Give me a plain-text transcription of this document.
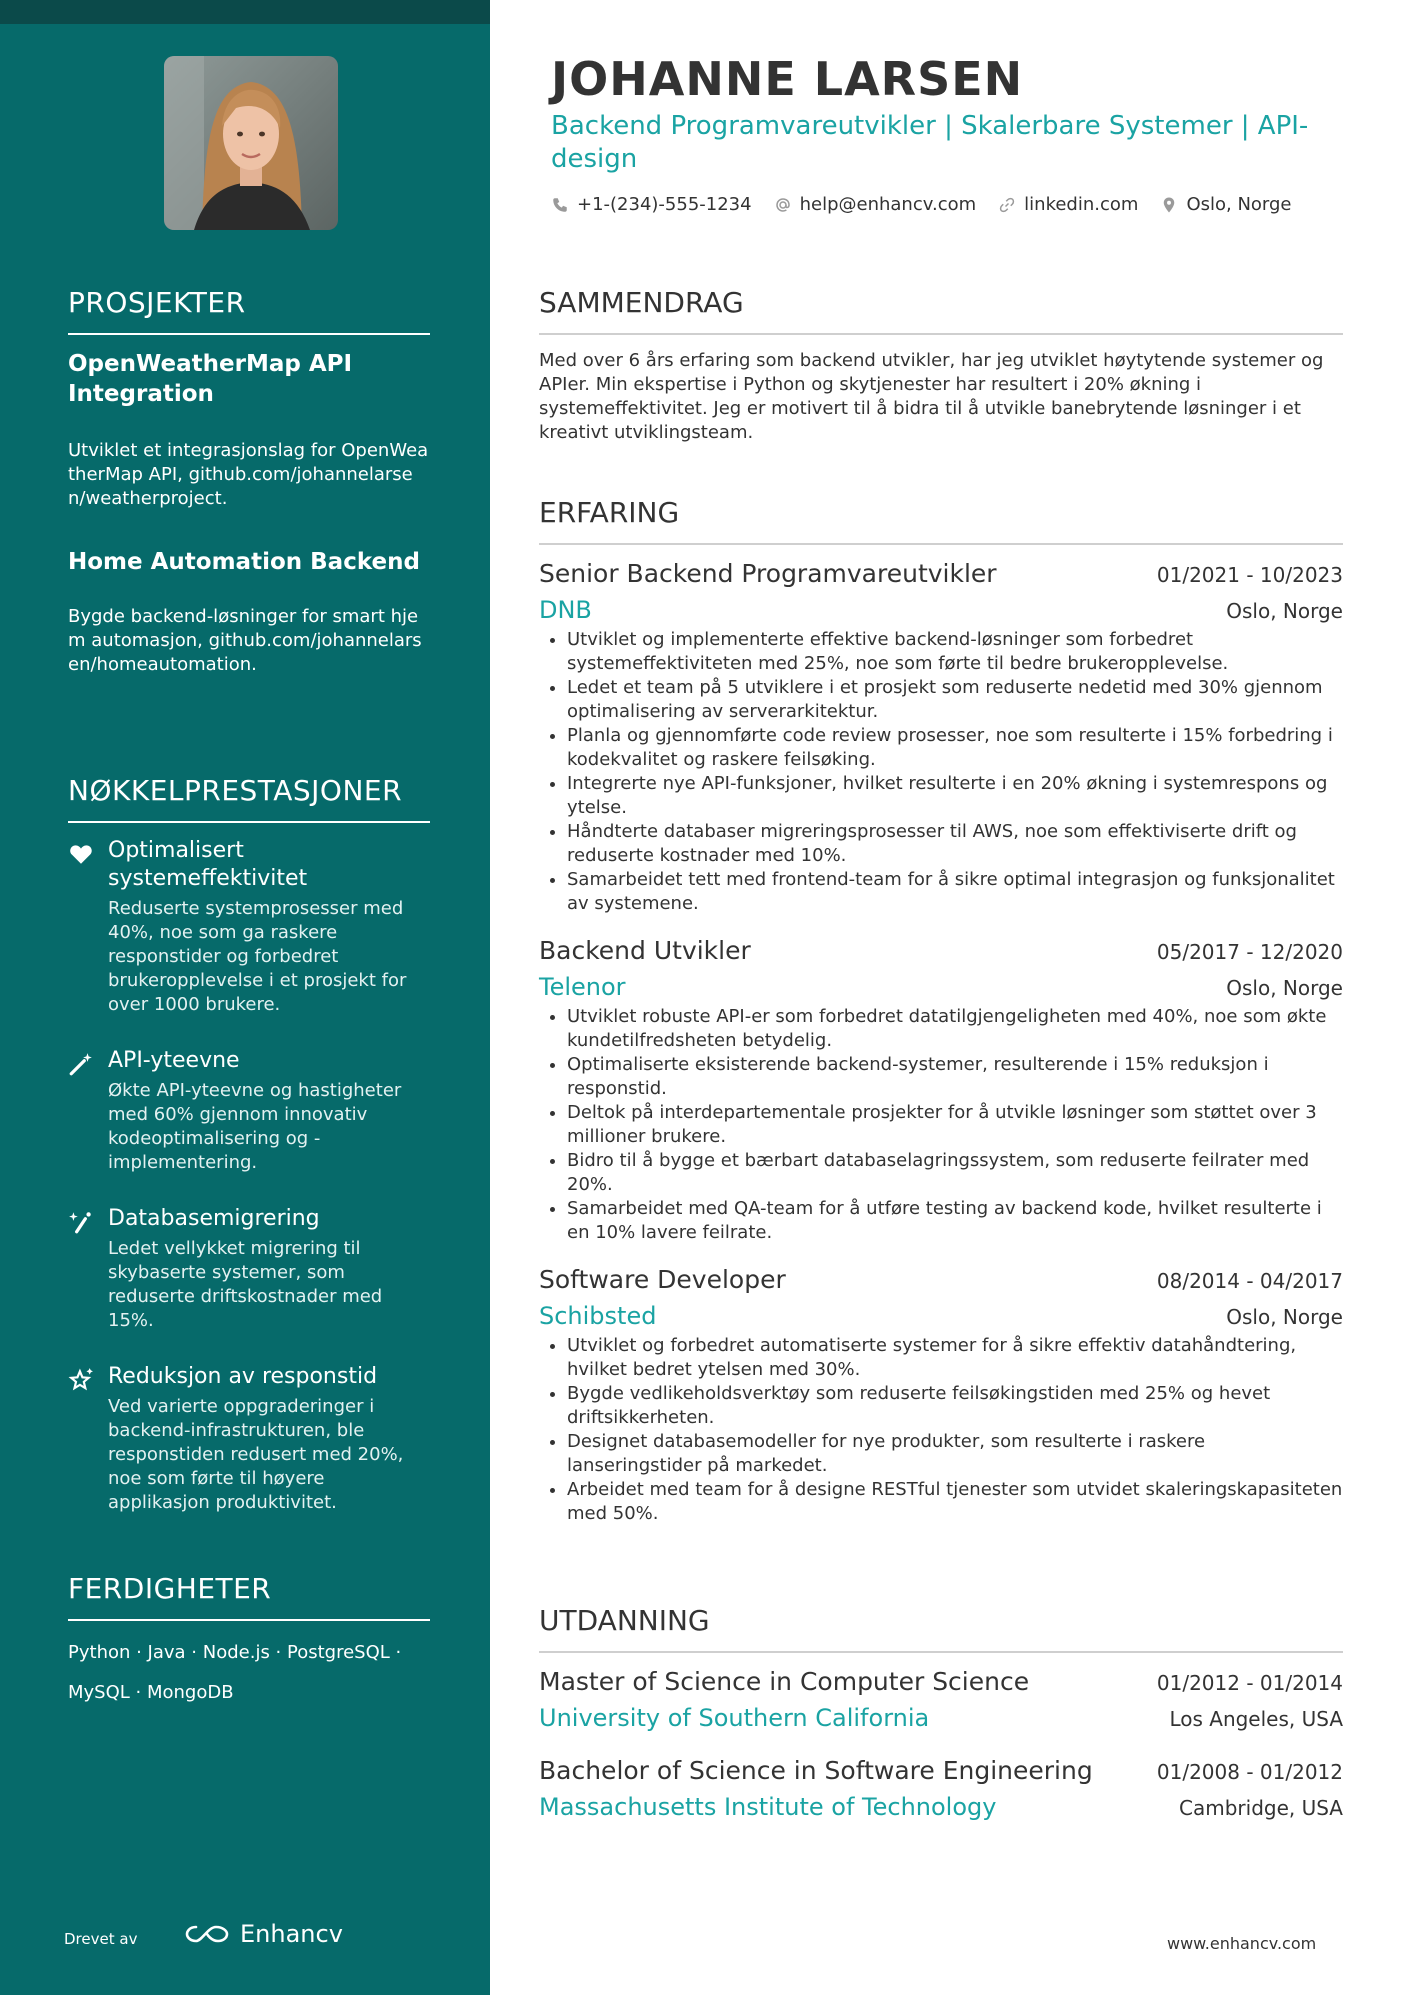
PROSJEKTER

OpenWeatherMap API Integration

Utviklet et integrasjonslag for OpenWeatherMap API, github.com/johannelarsen/weatherproject.

Home Automation Backend

Bygde backend-løsninger for smart hjem automasjon, github.com/johannelarsen/homeautomation.

NØKKELPRESTASJONER

Optimalisert systemeffektivitet

Reduserte systemprosesser med 40%, noe som ga raskere responstider og forbedret brukeropplevelse i et prosjekt for over 1000 brukere.

API-yteevne

Økte API-yteevne og hastigheter med 60% gjennom innovativ kodeoptimalisering og -implementering.

Databasemigrering

Ledet vellykket migrering til skybaserte systemer, som reduserte driftskostnader med 15%.

Reduksjon av responstid

Ved varierte oppgraderinger i backend-infrastrukturen, ble responstiden redusert med 20%, noe som førte til høyere applikasjon produktivitet.

FERDIGHETER
Python · Java · Node.js · PostgreSQL ·
MySQL · MongoDB
Drevet av	Enhancv
JOHANNE LARSEN

Backend Programvareutvikler | Skalerbare Systemer | API-design

+1-(234)-555-1234	help@enhancv.com	linkedin.com	Oslo, Norge
SAMMENDRAG

Med over 6 års erfaring som backend utvikler, har jeg utviklet høytytende systemer og APIer. Min ekspertise i Python og skytjenester har resultert i 20% økning i systemeffektivitet. Jeg er motivert til å bidra til å utvikle banebrytende løsninger i et kreativt utviklingsteam.

ERFARING
Senior Backend Programvareutvikler	01/2021 - 10/2023
DNB	Oslo, Norge
• Utviklet og implementerte effektive backend-løsninger som forbedret systemeffektiviteten med 25%, noe som førte til bedre brukeropplevelse.
• Ledet et team på 5 utviklere i et prosjekt som reduserte nedetid med 30% gjennom optimalisering av serverarkitektur.
• Planla og gjennomførte code review prosesser, noe som resulterte i 15% forbedring i kodekvalitet og raskere feilsøking.
• Integrerte nye API-funksjoner, hvilket resulterte i en 20% økning i systemrespons og ytelse.
• Håndterte databaser migreringsprosesser til AWS, noe som effektiviserte drift og reduserte kostnader med 10%.
• Samarbeidet tett med frontend-team for å sikre optimal integrasjon og funksjonalitet av systemene.
Backend Utvikler	05/2017 - 12/2020
Telenor	Oslo, Norge
• Utviklet robuste API-er som forbedret datatilgjengeligheten med 40%, noe som økte kundetilfredsheten betydelig.
• Optimaliserte eksisterende backend-systemer, resulterende i 15% reduksjon i responstid.
• Deltok på interdepartementale prosjekter for å utvikle løsninger som støttet over 3 millioner brukere.
• Bidro til å bygge et bærbart databaselagringssystem, som reduserte feilrater med 20%.
• Samarbeidet med QA-team for å utføre testing av backend kode, hvilket resulterte i en 10% lavere feilrate.
Software Developer	08/2014 - 04/2017
Schibsted	Oslo, Norge
• Utviklet og forbedret automatiserte systemer for å sikre effektiv datahåndtering, hvilket bedret ytelsen med 30%.
• Bygde vedlikeholdsverktøy som reduserte feilsøkingstiden med 25% og hevet driftsikkerheten.
• Designet databasemodeller for nye produkter, som resulterte i raskere lanseringstider på markedet.
• Arbeidet med team for å designe RESTful tjenester som utvidet skaleringskapasiteten med 50%.
UTDANNING
Master of Science in Computer Science	01/2012 - 01/2014
University of Southern California	Los Angeles, USA
Bachelor of Science in Software Engineering	01/2008 - 01/2012
Massachusetts Institute of Technology	Cambridge, USA
www.enhancv.com
